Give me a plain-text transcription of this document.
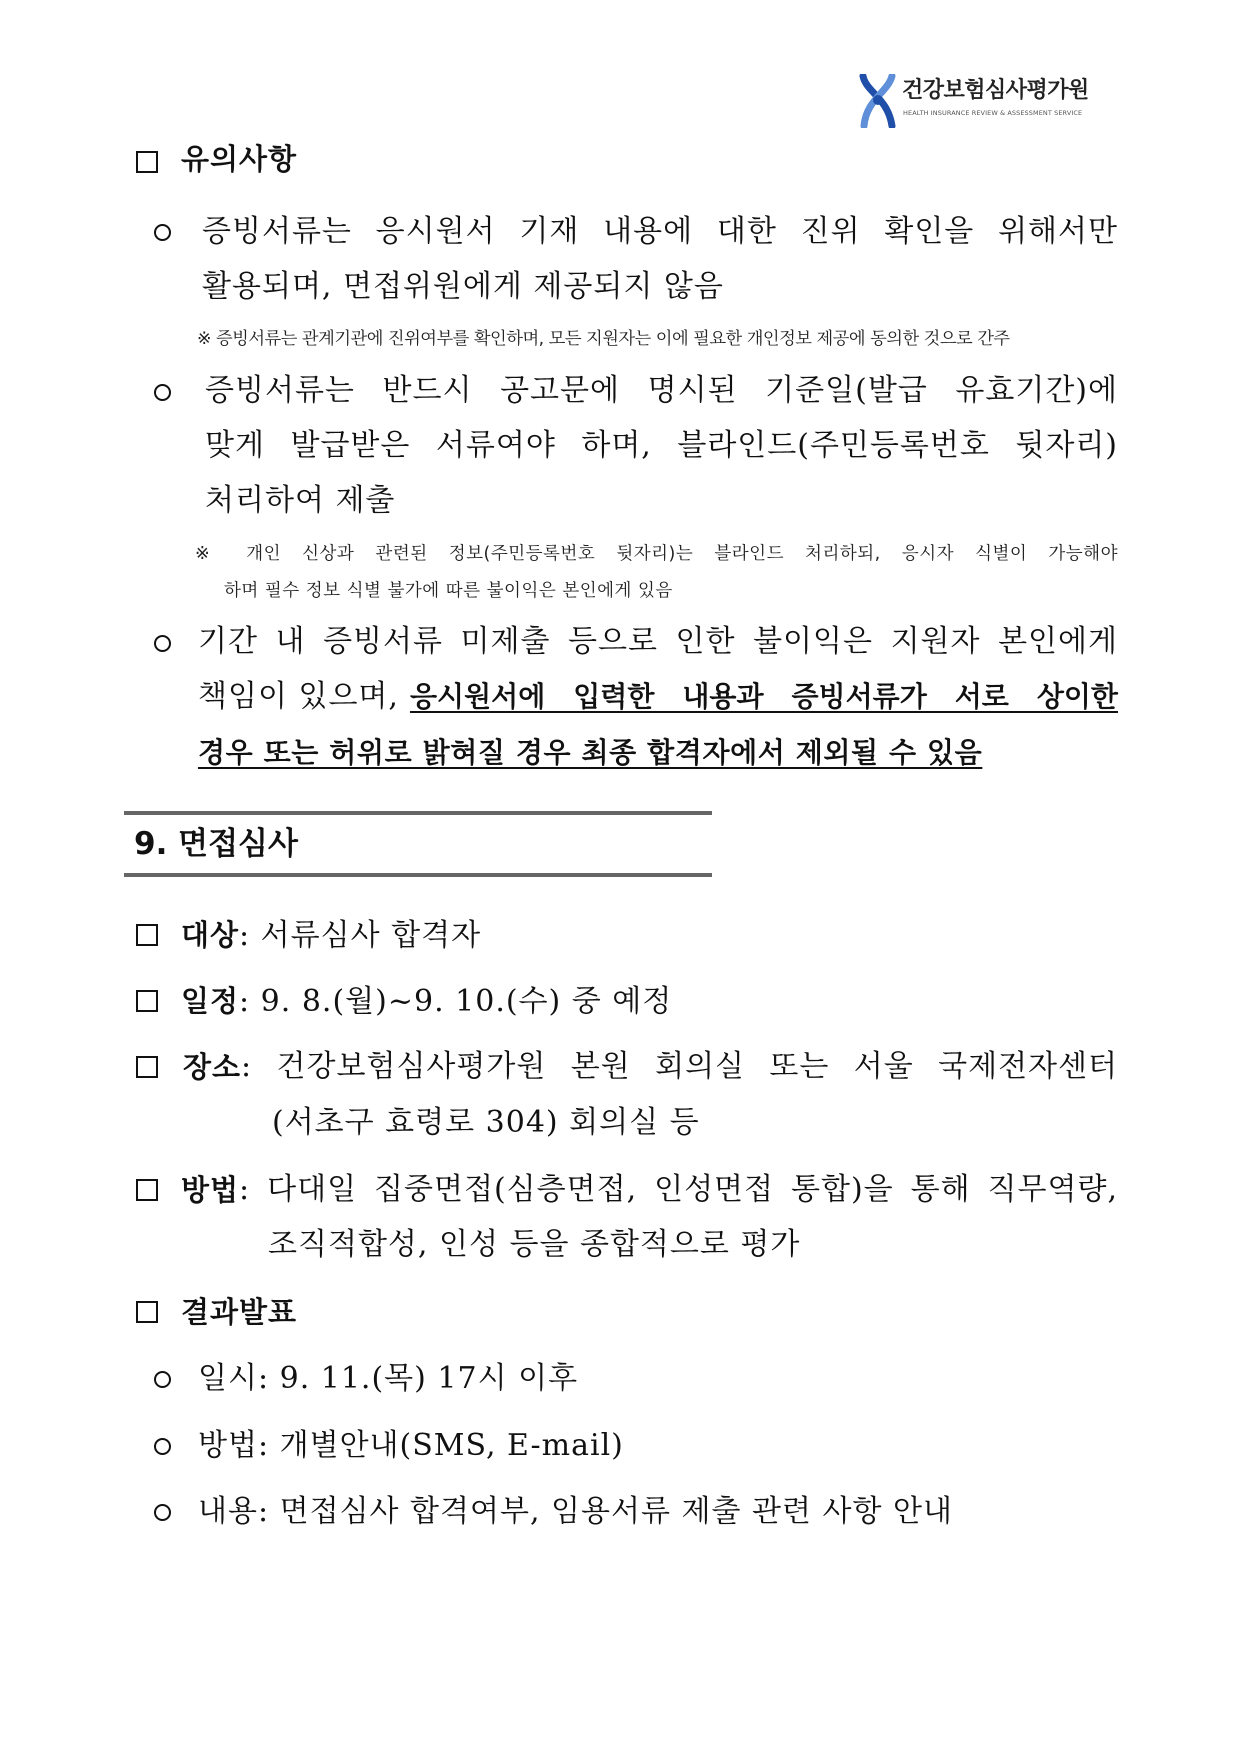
건강보험심사평가원
HEALTH INSURANCE REVIEW & ASSESSMENT SERVICE
유의사항
증빙서류는 응시원서 기재 내용에 대한 진위 확인을 위해서만
활용되며, 면접위원에게 제공되지 않음
※ 증빙서류는 관계기관에 진위여부를 확인하며, 모든 지원자는 이에 필요한 개인정보 제공에 동의한 것으로 간주
증빙서류는 반드시 공고문에 명시된 기준일(발급 유효기간)에
맞게 발급받은 서류여야 하며, 블라인드(주민등록번호 뒷자리)
처리하여 제출
※ 개인 신상과 관련된 정보(주민등록번호 뒷자리)는 블라인드 처리하되, 응시자 식별이 가능해야
하며 필수 정보 식별 불가에 따른 불이익은 본인에게 있음
기간 내 증빙서류 미제출 등으로 인한 불이익은 지원자 본인에게
책임이 있으며, 응시원서에 입력한 내용과 증빙서류가 서로 상이한
경우 또는 허위로 밝혀질 경우 최종 합격자에서 제외될 수 있음
9. 면접심사
대상: 서류심사 합격자
일정: 9. 8.(월)~9. 10.(수) 중 예정
장소 : 건강보험심사평가원 본원 회의실 또는 서울 국제전자센터
(서초구 효령로 304) 회의실 등
방법 : 다대일 집중면접(심층면접, 인성면접 통합)을 통해 직무역량,
조직적합성, 인성 등을 종합적으로 평가
결과발표
일시: 9. 11.(목) 17시 이후
방법: 개별안내(SMS, E-mail)
내용: 면접심사 합격여부, 임용서류 제출 관련 사항 안내
